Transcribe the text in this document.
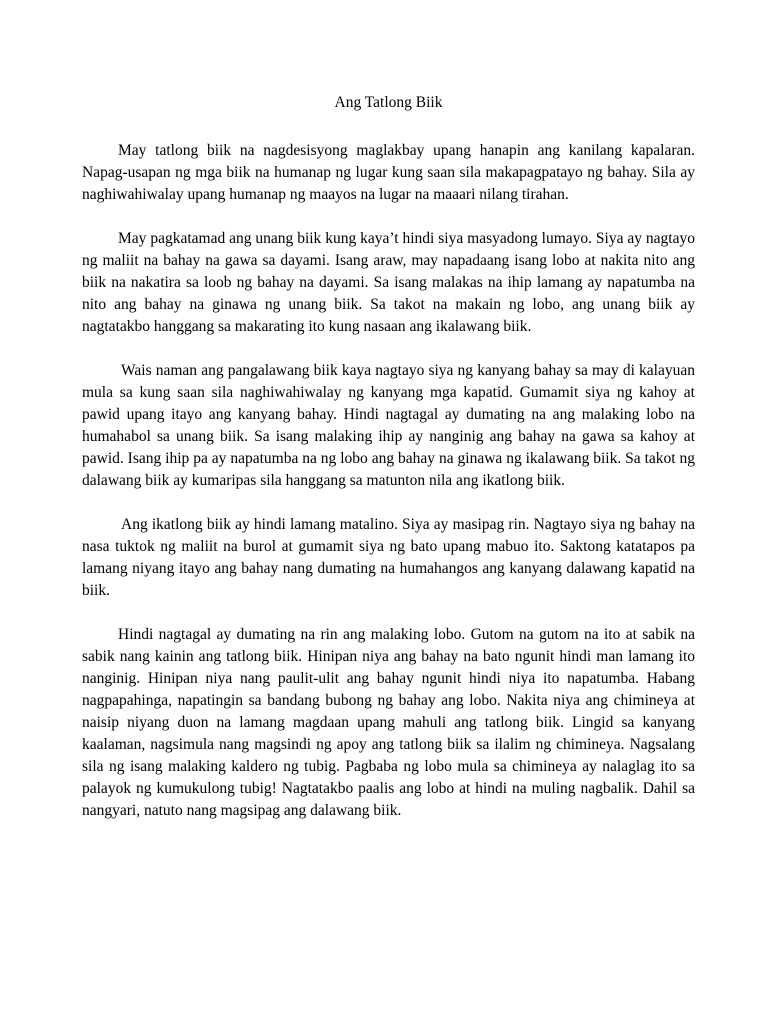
Ang Tatlong Biik

May tatlong biik na nagdesisyong maglakbay upang hanapin ang kanilang kapalaran. Napag-usapan ng mga biik na humanap ng lugar kung saan sila makapagpatayo ng bahay. Sila ay naghiwahiwalay upang humanap ng maayos na lugar na maaari nilang tirahan.

May pagkatamad ang unang biik kung kaya’t hindi siya masyadong lumayo. Siya ay nagtayo ng maliit na bahay na gawa sa dayami. Isang araw, may napadaang isang lobo at nakita nito ang biik na nakatira sa loob ng bahay na dayami. Sa isang malakas na ihip lamang ay napatumba na nito ang bahay na ginawa ng unang biik. Sa takot na makain ng lobo, ang unang biik ay nagtatakbo hanggang sa makarating ito kung nasaan ang ikalawang biik.

Wais naman ang pangalawang biik kaya nagtayo siya ng kanyang bahay sa may di kalayuan mula sa kung saan sila naghiwahiwalay ng kanyang mga kapatid. Gumamit siya ng kahoy at pawid upang itayo ang kanyang bahay. Hindi nagtagal ay dumating na ang malaking lobo na humahabol sa unang biik. Sa isang malaking ihip ay nanginig ang bahay na gawa sa kahoy at pawid. Isang ihip pa ay napatumba na ng lobo ang bahay na ginawa ng ikalawang biik. Sa takot ng dalawang biik ay kumaripas sila hanggang sa matunton nila ang ikatlong biik.

Ang ikatlong biik ay hindi lamang matalino. Siya ay masipag rin. Nagtayo siya ng bahay na nasa tuktok ng maliit na burol at gumamit siya ng bato upang mabuo ito. Saktong katatapos pa lamang niyang itayo ang bahay nang dumating na humahangos ang kanyang dalawang kapatid na biik.

Hindi nagtagal ay dumating na rin ang malaking lobo. Gutom na gutom na ito at sabik na sabik nang kainin ang tatlong biik. Hinipan niya ang bahay na bato ngunit hindi man lamang ito nanginig. Hinipan niya nang paulit-ulit ang bahay ngunit hindi niya ito napatumba. Habang nagpapahinga, napatingin sa bandang bubong ng bahay ang lobo. Nakita niya ang chimineya at naisip niyang duon na lamang magdaan upang mahuli ang tatlong biik. Lingid sa kanyang kaalaman, nagsimula nang magsindi ng apoy ang tatlong biik sa ilalim ng chimineya. Nagsalang sila ng isang malaking kaldero ng tubig. Pagbaba ng lobo mula sa chimineya ay nalaglag ito sa palayok ng kumukulong tubig! Nagtatakbo paalis ang lobo at hindi na muling nagbalik. Dahil sa nangyari, natuto nang magsipag ang dalawang biik.
